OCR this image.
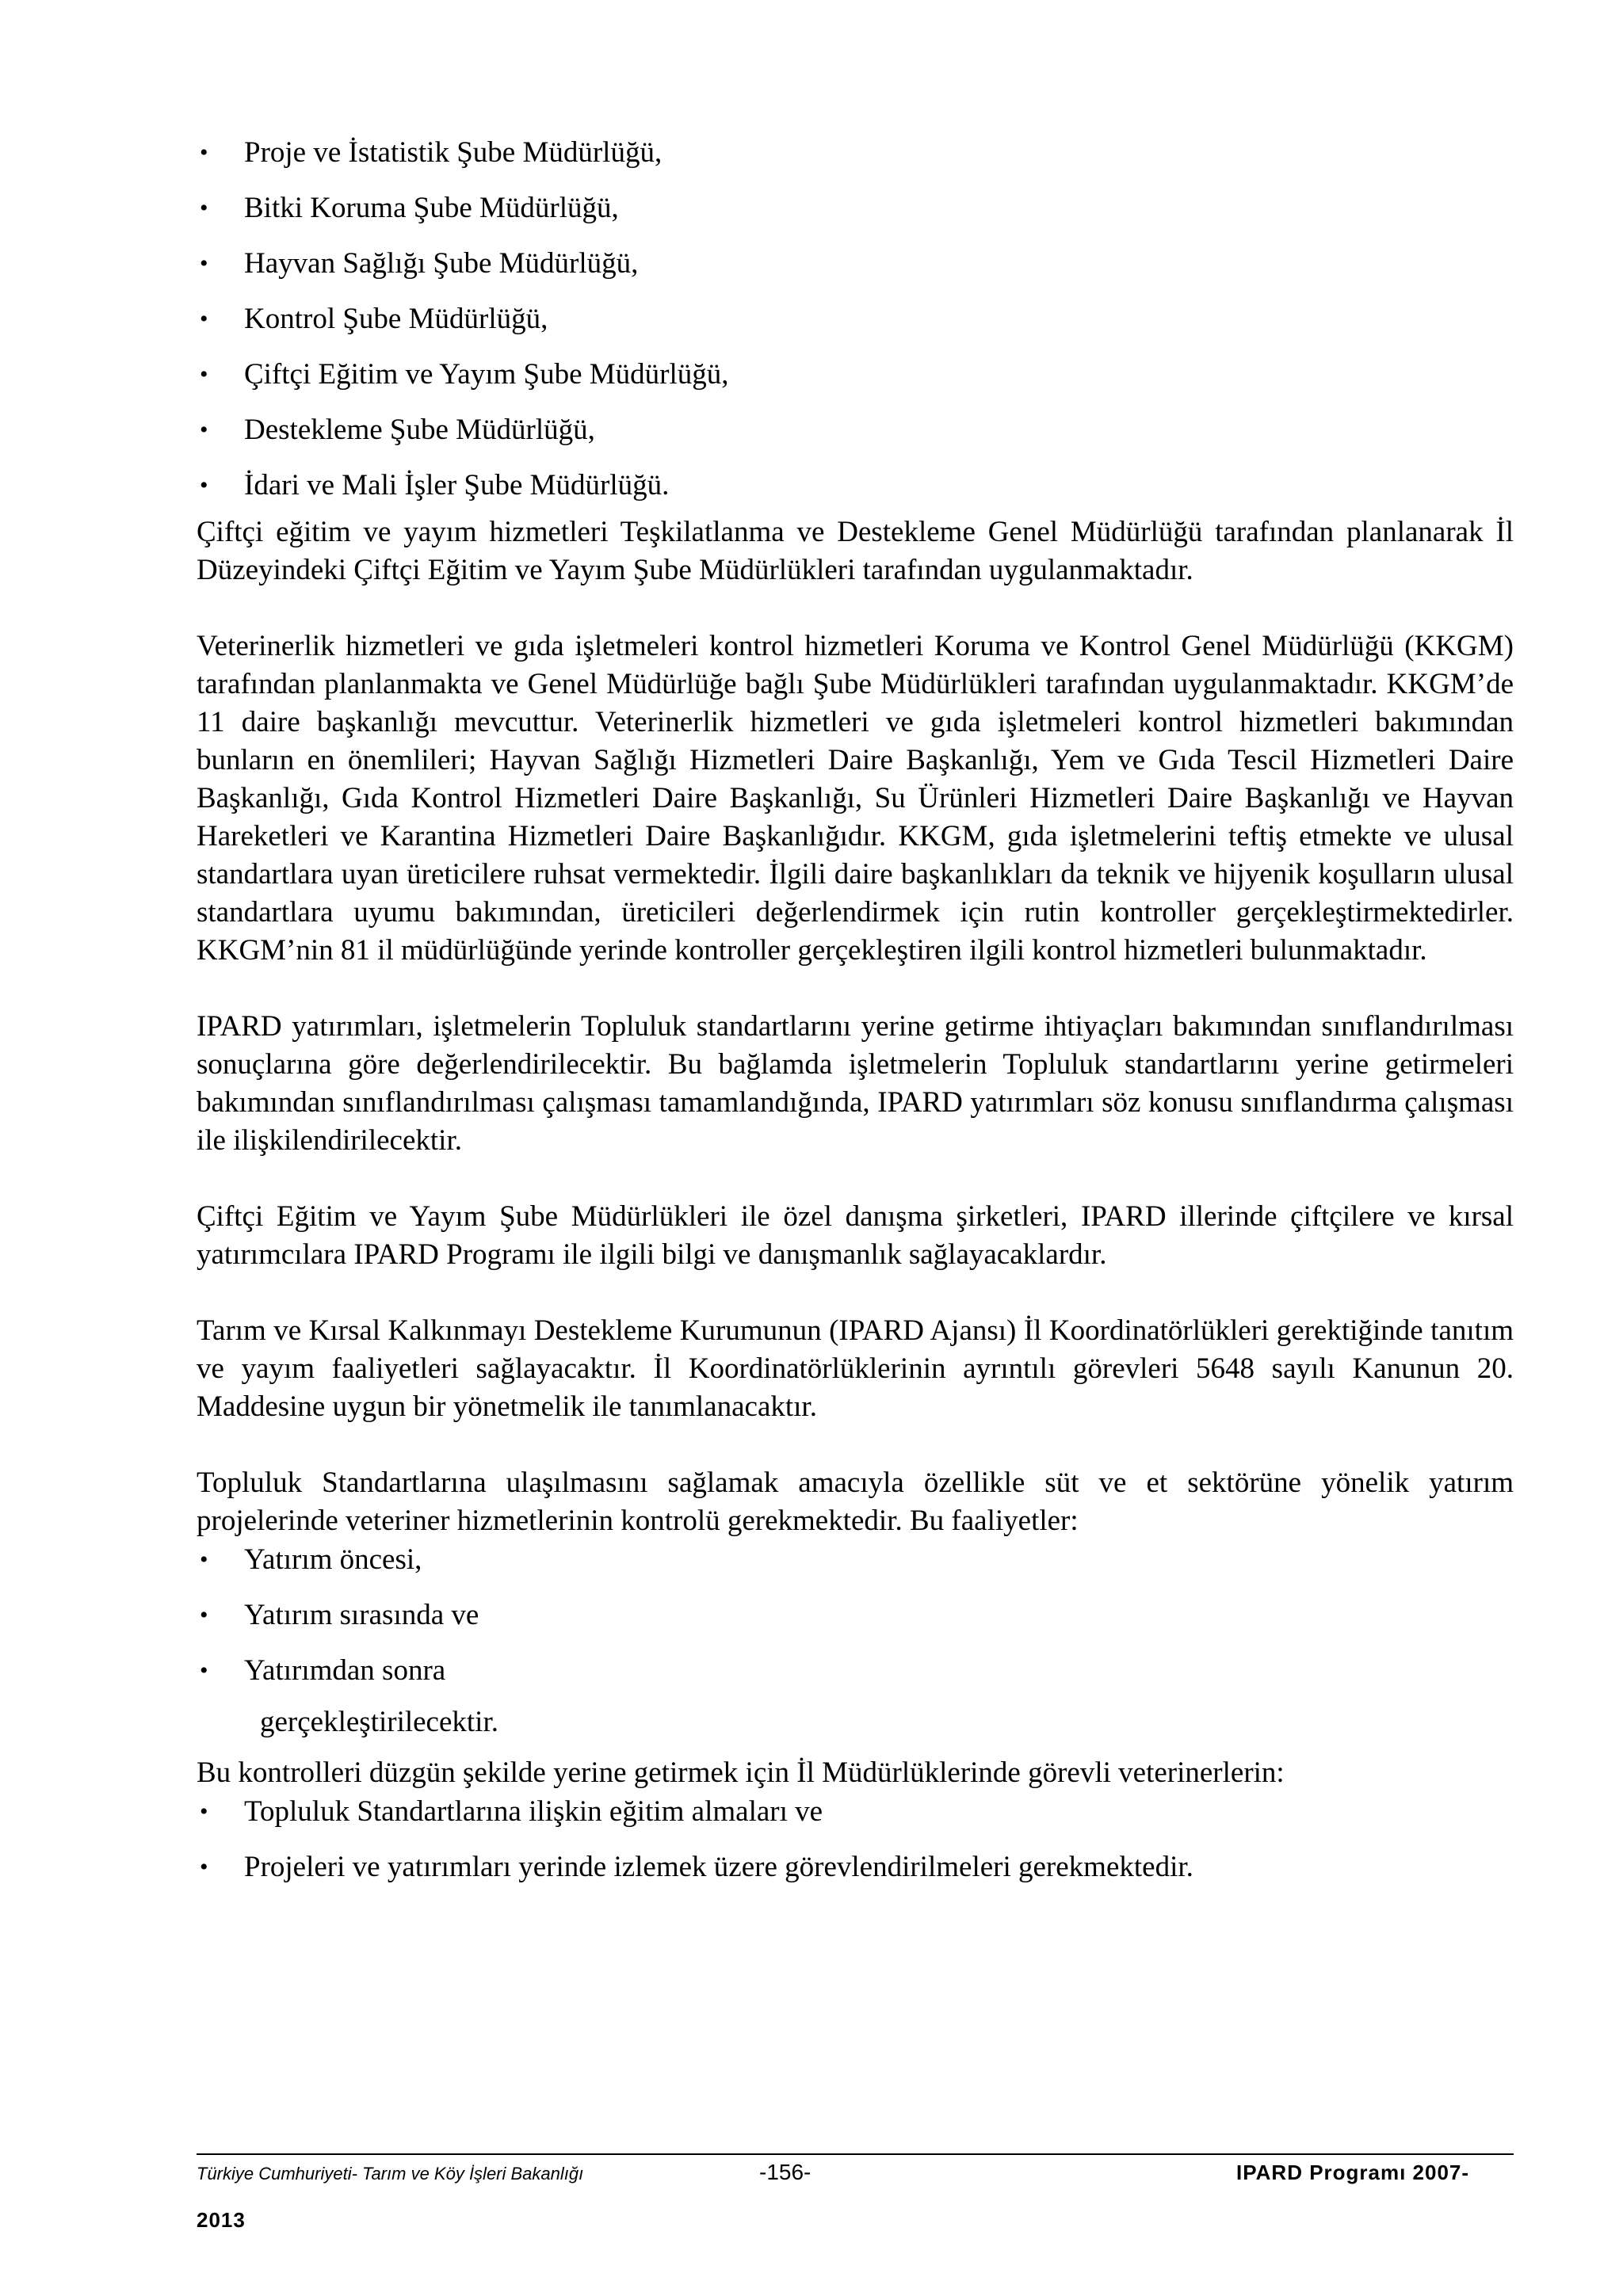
• Proje ve İstatistik Şube Müdürlüğü,
• Bitki Koruma Şube Müdürlüğü,
• Hayvan Sağlığı Şube Müdürlüğü,
• Kontrol Şube Müdürlüğü,
• Çiftçi Eğitim ve Yayım Şube Müdürlüğü,
• Destekleme Şube Müdürlüğü,
• İdari ve Mali İşler Şube Müdürlüğü.

Çiftçi eğitim ve yayım hizmetleri Teşkilatlanma ve Destekleme Genel Müdürlüğü tarafından planlanarak İl Düzeyindeki Çiftçi Eğitim ve Yayım Şube Müdürlükleri tarafından uygulanmaktadır.

Veterinerlik hizmetleri ve gıda işletmeleri kontrol hizmetleri Koruma ve Kontrol Genel Müdürlüğü (KKGM) tarafından planlanmakta ve Genel Müdürlüğe bağlı Şube Müdürlükleri tarafından uygulanmaktadır. KKGM’de 11 daire başkanlığı mevcuttur. Veterinerlik hizmetleri ve gıda işletmeleri kontrol hizmetleri bakımından bunların en önemlileri; Hayvan Sağlığı Hizmetleri Daire Başkanlığı, Yem ve Gıda Tescil Hizmetleri Daire Başkanlığı, Gıda Kontrol Hizmetleri Daire Başkanlığı, Su Ürünleri Hizmetleri Daire Başkanlığı ve Hayvan Hareketleri ve Karantina Hizmetleri Daire Başkanlığıdır. KKGM, gıda işletmelerini teftiş etmekte ve ulusal standartlara uyan üreticilere ruhsat vermektedir. İlgili daire başkanlıkları da teknik ve hijyenik koşulların ulusal standartlara uyumu bakımından, üreticileri değerlendirmek için rutin kontroller gerçekleştirmektedirler. KKGM’nin 81 il müdürlüğünde yerinde kontroller gerçekleştiren ilgili kontrol hizmetleri bulunmaktadır.

IPARD yatırımları, işletmelerin Topluluk standartlarını yerine getirme ihtiyaçları bakımından sınıflandırılması sonuçlarına göre değerlendirilecektir. Bu bağlamda işletmelerin Topluluk standartlarını yerine getirmeleri bakımından sınıflandırılması çalışması tamamlandığında, IPARD yatırımları söz konusu sınıflandırma çalışması ile ilişkilendirilecektir.

Çiftçi Eğitim ve Yayım Şube Müdürlükleri ile özel danışma şirketleri, IPARD illerinde çiftçilere ve kırsal yatırımcılara IPARD Programı ile ilgili bilgi ve danışmanlık sağlayacaklardır.

Tarım ve Kırsal Kalkınmayı Destekleme Kurumunun (IPARD Ajansı) İl Koordinatörlükleri gerektiğinde tanıtım ve yayım faaliyetleri sağlayacaktır. İl Koordinatörlüklerinin ayrıntılı görevleri 5648 sayılı Kanunun 20. Maddesine uygun bir yönetmelik ile tanımlanacaktır.

Topluluk Standartlarına ulaşılmasını sağlamak amacıyla özellikle süt ve et sektörüne yönelik yatırım projelerinde veteriner hizmetlerinin kontrolü gerekmektedir. Bu faaliyetler:

• Yatırım öncesi,
• Yatırım sırasında ve
• Yatırımdan sonra

gerçekleştirilecektir.

Bu kontrolleri düzgün şekilde yerine getirmek için İl Müdürlüklerinde görevli veterinerlerin:

• Topluluk Standartlarına ilişkin eğitim almaları ve
• Projeleri ve yatırımları yerinde izlemek üzere görevlendirilmeleri gerekmektedir.
Türkiye Cumhuriyeti- Tarım ve Köy İşleri Bakanlığı	-156-	IPARD Programı 2007-
2013
